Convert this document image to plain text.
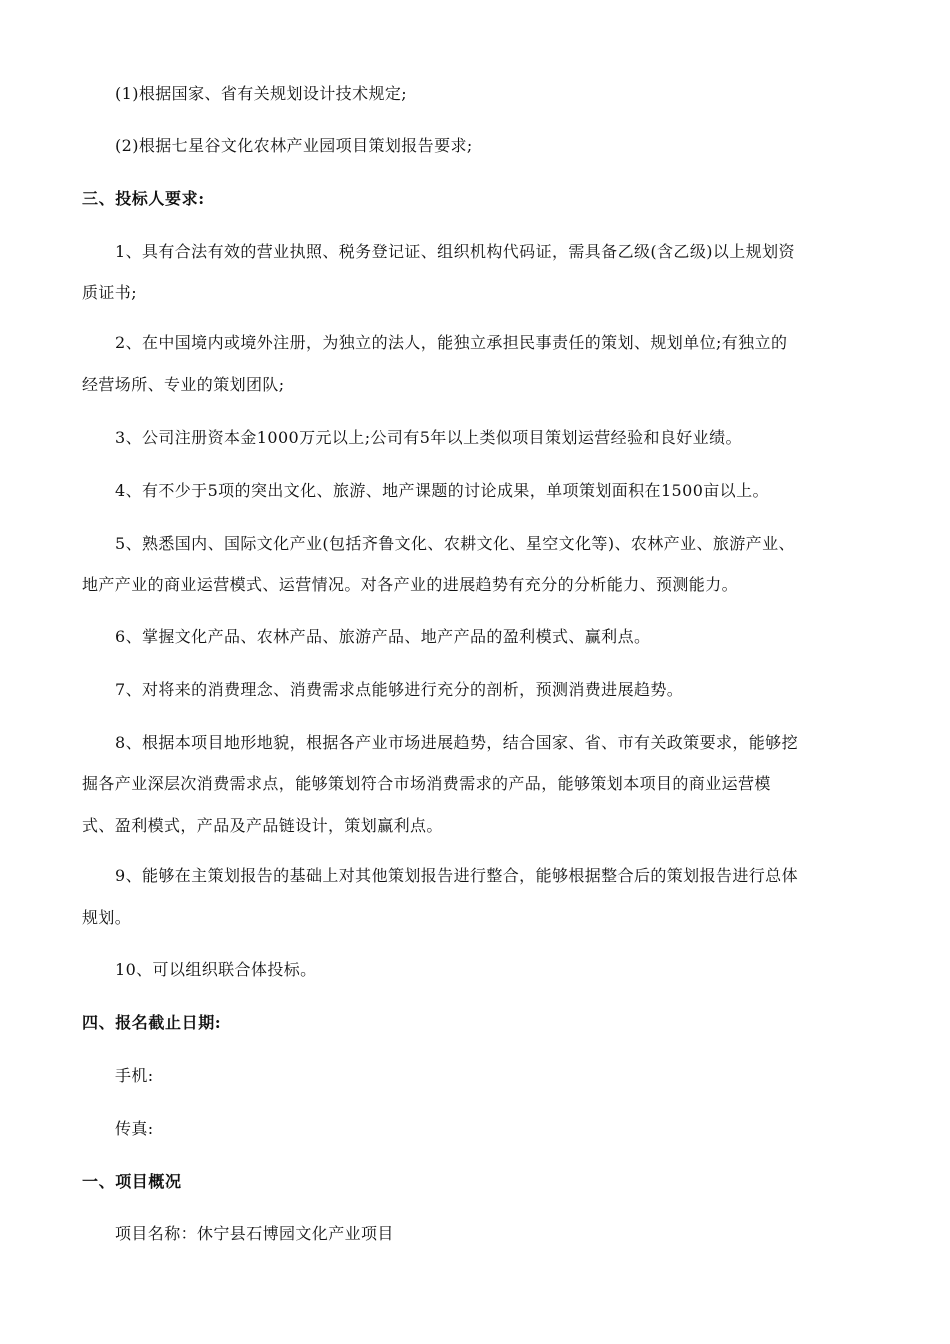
(1)根据国家、省有关规划设计技术规定;
(2)根据七星谷文化农林产业园项目策划报告要求;
三、投标人要求:
1、具有合法有效的营业执照、税务登记证、组织机构代码证，需具备乙级(含乙级)以上规划资
质证书;
2、在中国境内或境外注册，为独立的法人，能独立承担民事责任的策划、规划单位;有独立的
经营场所、专业的策划团队;
3、公司注册资本金1000万元以上;公司有5年以上类似项目策划运营经验和良好业绩。
4、有不少于5项的突出文化、旅游、地产课题的讨论成果，单项策划面积在1500亩以上。
5、熟悉国内、国际文化产业(包括齐鲁文化、农耕文化、星空文化等)、农林产业、旅游产业、
地产产业的商业运营模式、运营情况。对各产业的进展趋势有充分的分析能力、预测能力。
6、掌握文化产品、农林产品、旅游产品、地产产品的盈利模式、赢利点。
7、对将来的消费理念、消费需求点能够进行充分的剖析，预测消费进展趋势。
8、根据本项目地形地貌，根据各产业市场进展趋势，结合国家、省、市有关政策要求，能够挖
掘各产业深层次消费需求点，能够策划符合市场消费需求的产品，能够策划本项目的商业运营模
式、盈利模式，产品及产品链设计，策划赢利点。
9、能够在主策划报告的基础上对其他策划报告进行整合，能够根据整合后的策划报告进行总体
规划。
10、可以组织联合体投标。
四、报名截止日期:
手机:
传真:
一、项目概况
项目名称：休宁县石博园文化产业项目
